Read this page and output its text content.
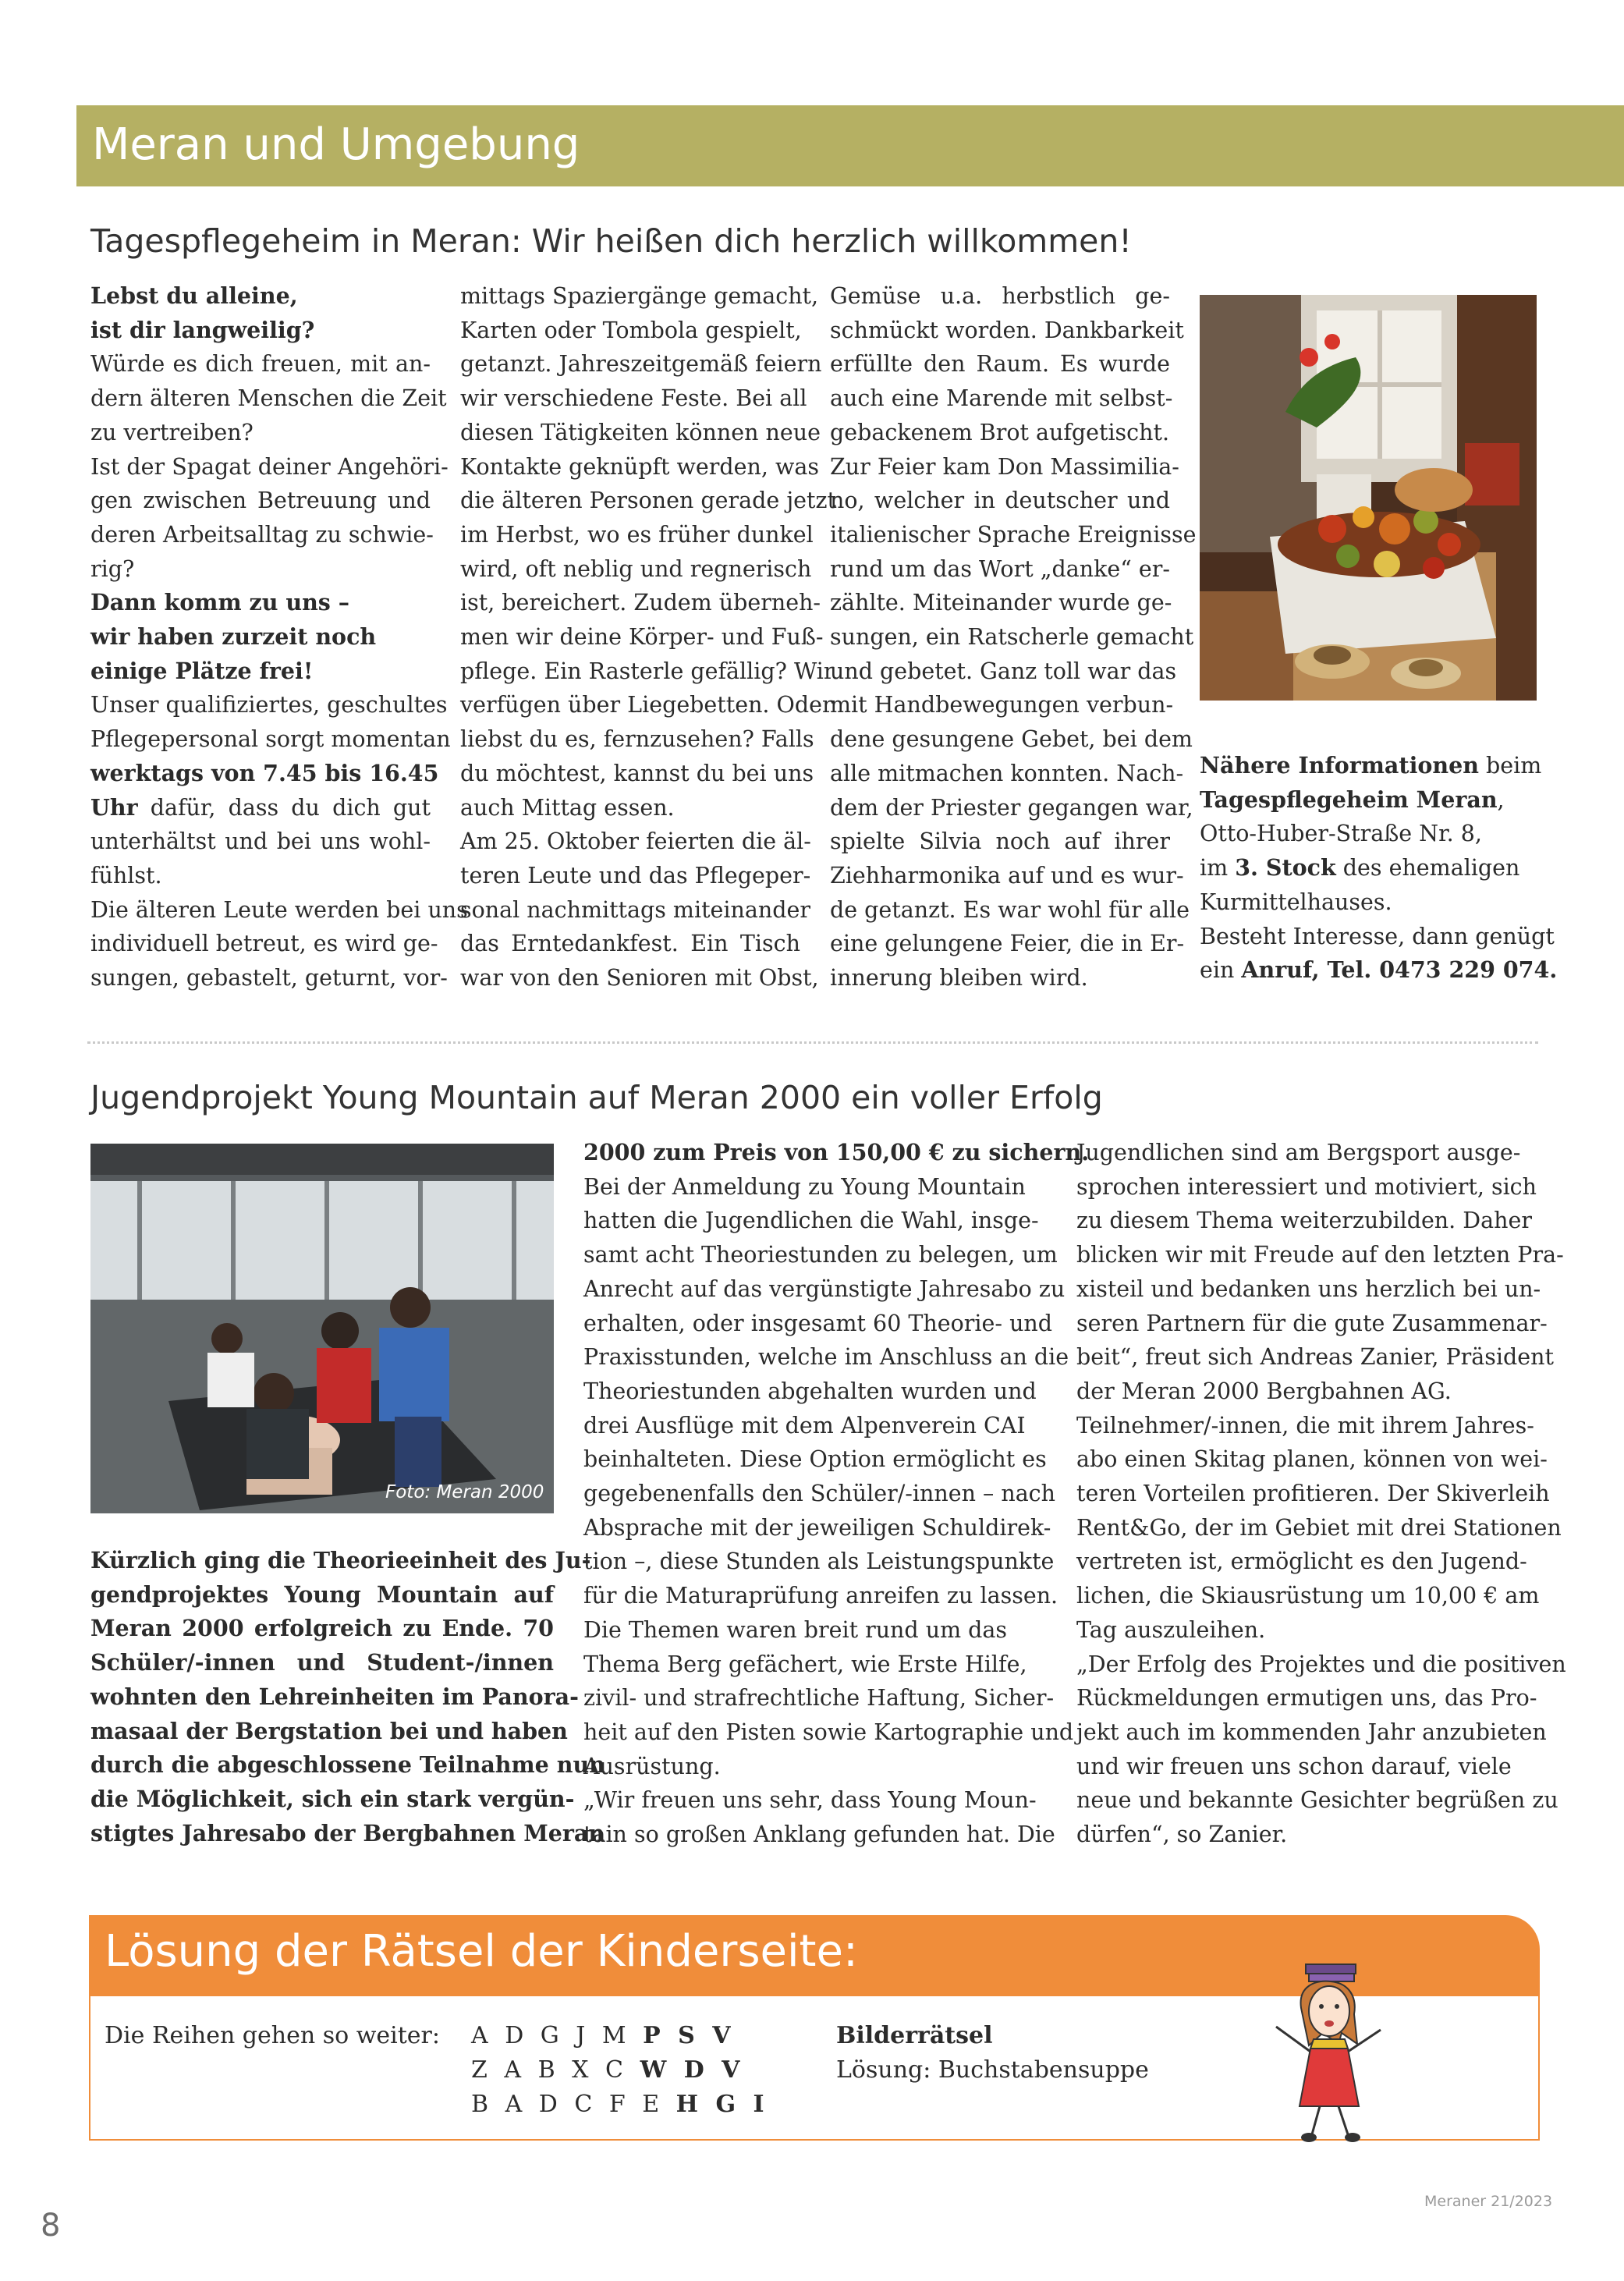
Meran und Umgebung
Tagespflegeheim in Meran: Wir heißen dich herzlich willkommen!
Lebst du alleine,
ist dir langweilig?
Würde es dich freuen, mit an-
dern älteren Menschen die Zeit
zu vertreiben?
Ist der Spagat deiner Angehöri-
gen zwischen Betreuung und
deren Arbeitsalltag zu schwie-
rig?
Dann komm zu uns –
wir haben zurzeit noch
einige Plätze frei!
Unser qualifiziertes, geschultes
Pflegepersonal sorgt momentan
werktags von 7.45 bis 16.45
Uhr dafür, dass du dich gut
unterhältst und bei uns wohl-
fühlst.
Die älteren Leute werden bei uns
individuell betreut, es wird ge-
sungen, gebastelt, geturnt, vor-
mittags Spaziergänge gemacht,
Karten oder Tombola gespielt,
getanzt. Jahreszeitgemäß feiern
wir verschiedene Feste. Bei all
diesen Tätigkeiten können neue
Kontakte geknüpft werden, was
die älteren Personen gerade jetzt
im Herbst, wo es früher dunkel
wird, oft neblig und regnerisch
ist, bereichert. Zudem überneh-
men wir deine Körper- und Fuß-
pflege. Ein Rasterle gefällig? Wir
verfügen über Liegebetten. Oder
liebst du es, fernzusehen? Falls
du möchtest, kannst du bei uns
auch Mittag essen.
Am 25. Oktober feierten die äl-
teren Leute und das Pflegeper-
sonal nachmittags miteinander
das Erntedankfest. Ein Tisch
war von den Senioren mit Obst,
Gemüse u.a. herbstlich ge-
schmückt worden. Dankbarkeit
erfüllte den Raum. Es wurde
auch eine Marende mit selbst-
gebackenem Brot aufgetischt.
Zur Feier kam Don Massimilia-
no, welcher in deutscher und
italienischer Sprache Ereignisse
rund um das Wort „danke“ er-
zählte. Miteinander wurde ge-
sungen, ein Ratscherle gemacht
und gebetet. Ganz toll war das
mit Handbewegungen verbun-
dene gesungene Gebet, bei dem
alle mitmachen konnten. Nach-
dem der Priester gegangen war,
spielte Silvia noch auf ihrer
Ziehharmonika auf und es wur-
de getanzt. Es war wohl für alle
eine gelungene Feier, die in Er-
innerung bleiben wird.
Nähere Informationen beim
Tagespflegeheim Meran,
Otto-Huber-Straße Nr. 8,
im 3. Stock des ehemaligen
Kurmittelhauses.
Besteht Interesse, dann genügt
ein Anruf, Tel. 0473 229 074.
Jugendprojekt Young Mountain auf Meran 2000 ein voller Erfolg
Foto: Meran 2000
Kürzlich ging die Theorieeinheit des Ju-
gendprojektes Young Mountain auf
Meran 2000 erfolgreich zu Ende. 70
Schüler/-innen und Student-/innen
wohnten den Lehreinheiten im Panora-
masaal der Bergstation bei und haben
durch die abgeschlossene Teilnahme nun
die Möglichkeit, sich ein stark vergün-
stigtes Jahresabo der Bergbahnen Meran
2000 zum Preis von 150,00 € zu sichern.
Bei der Anmeldung zu Young Mountain
hatten die Jugendlichen die Wahl, insge-
samt acht Theoriestunden zu belegen, um
Anrecht auf das vergünstigte Jahresabo zu
erhalten, oder insgesamt 60 Theorie- und
Praxisstunden, welche im Anschluss an die
Theoriestunden abgehalten wurden und
drei Ausflüge mit dem Alpenverein CAI
beinhalteten. Diese Option ermöglicht es
gegebenenfalls den Schüler/-innen – nach
Absprache mit der jeweiligen Schuldirek-
tion –, diese Stunden als Leistungspunkte
für die Maturaprüfung anreifen zu lassen.
Die Themen waren breit rund um das
Thema Berg gefächert, wie Erste Hilfe,
zivil- und strafrechtliche Haftung, Sicher-
heit auf den Pisten sowie Kartographie und
Ausrüstung.
„Wir freuen uns sehr, dass Young Moun-
tain so großen Anklang gefunden hat. Die
Jugendlichen sind am Bergsport ausge-
sprochen interessiert und motiviert, sich
zu diesem Thema weiterzubilden. Daher
blicken wir mit Freude auf den letzten Pra-
xisteil und bedanken uns herzlich bei un-
seren Partnern für die gute Zusammenar-
beit“, freut sich Andreas Zanier, Präsident
der Meran 2000 Bergbahnen AG.
Teilnehmer/-innen, die mit ihrem Jahres-
abo einen Skitag planen, können von wei-
teren Vorteilen profitieren. Der Skiverleih
Rent&Go, der im Gebiet mit drei Stationen
vertreten ist, ermöglicht es den Jugend-
lichen, die Skiausrüstung um 10,00 € am
Tag auszuleihen.
„Der Erfolg des Projektes und die positiven
Rückmeldungen ermutigen uns, das Pro-
jekt auch im kommenden Jahr anzubieten
und wir freuen uns schon darauf, viele
neue und bekannte Gesichter begrüßen zu
dürfen“, so Zanier.
Lösung der Rätsel der Kinderseite:
Die Reihen gehen so weiter: A D G J M P S V
Z A B X C W D V
B A D C F E H G I
Bilderrätsel
Lösung: Buchstabensuppe
8
Meraner 21/2023
